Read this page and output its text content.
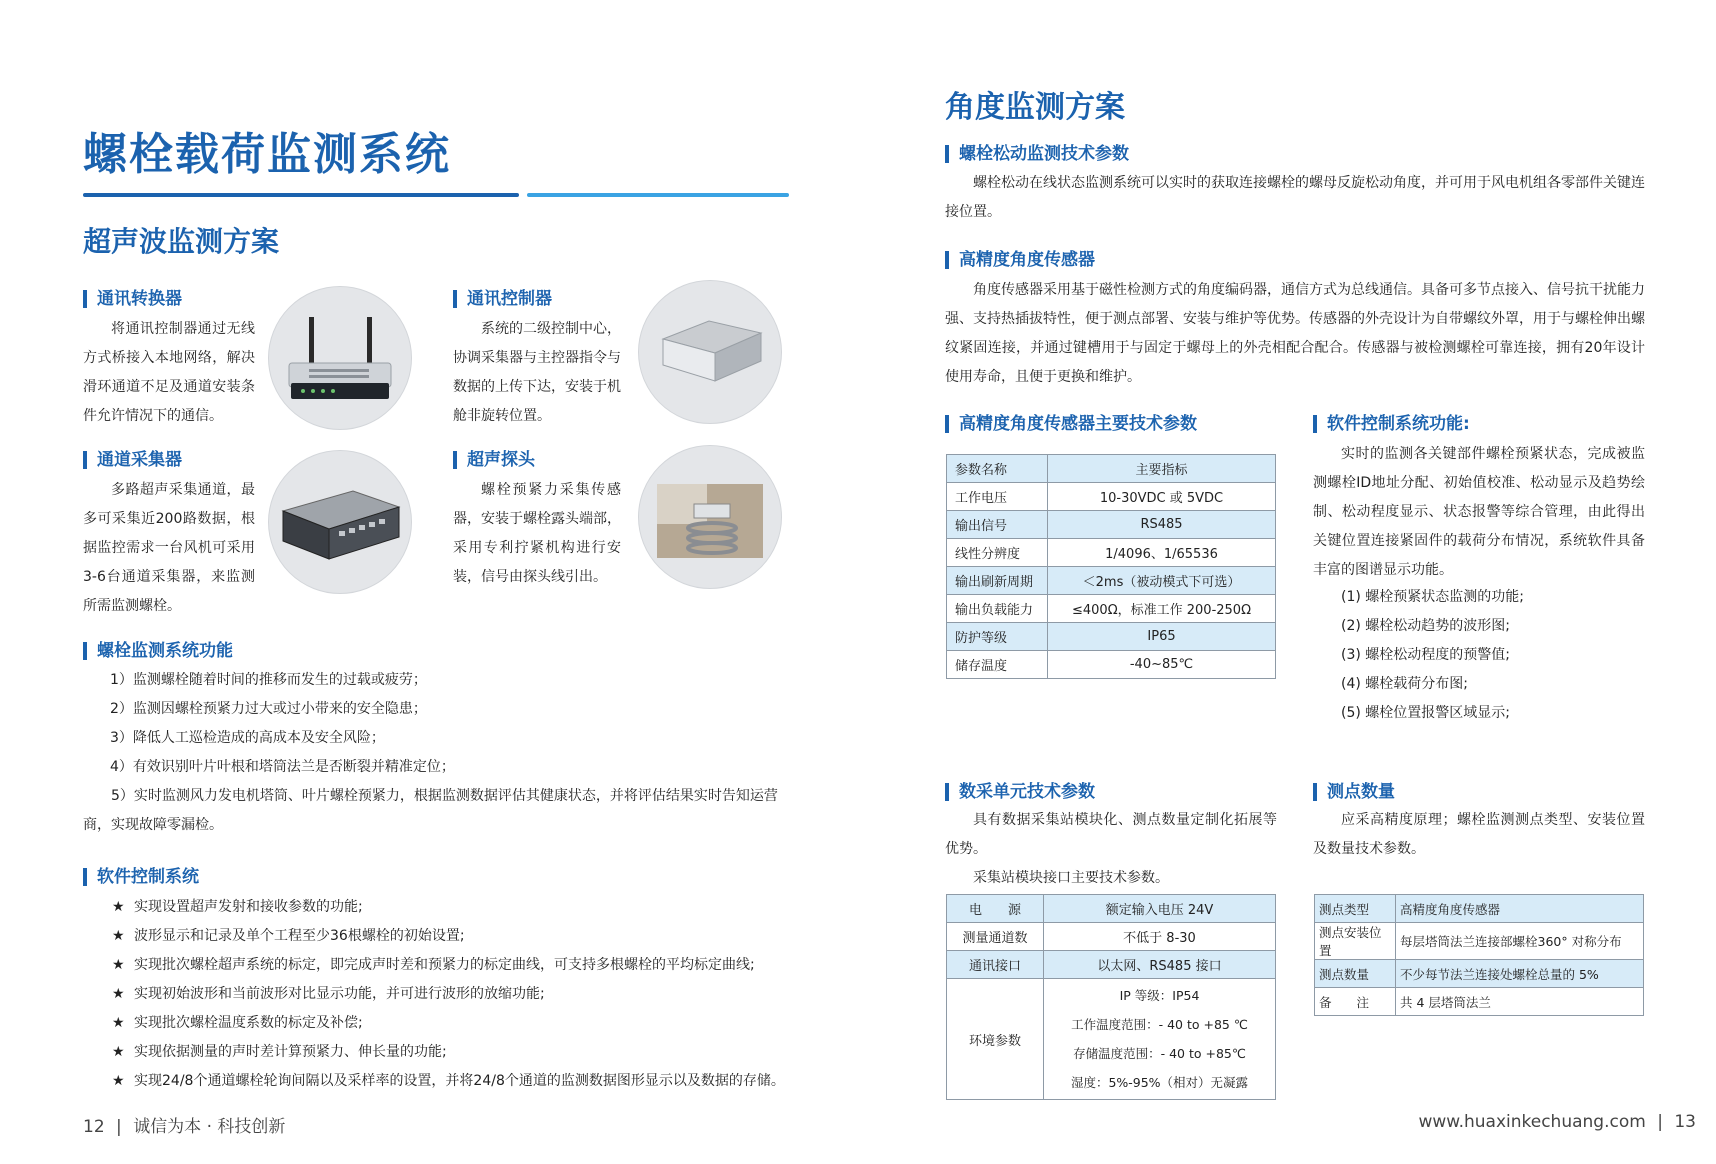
螺栓载荷监测系统
超声波监测方案
通讯转换器

将通讯控制器通过无线方式桥接入本地网络，解决滑环通道不足及通道安装条件允许情况下的通信。

通讯控制器

系统的二级控制中心，协调采集器与主控器指令与数据的上传下达，安装于机舱非旋转位置。

通道采集器

多路超声采集通道，最多可采集近200路数据，根据监控需求一台风机可采用3-6台通道采集器，来监测所需监测螺栓。

超声探头

螺栓预紧力采集传感器，安装于螺栓露头端部，采用专利拧紧机构进行安装，信号由探头线引出。

螺栓监测系统功能
1）监测螺栓随着时间的推移而发生的过载或疲劳；
2）监测因螺栓预紧力过大或过小带来的安全隐患；
3）降低人工巡检造成的高成本及安全风险；
4）有效识别叶片叶根和塔筒法兰是否断裂并精准定位；

5）实时监测风力发电机塔筒、叶片螺栓预紧力，根据监测数据评估其健康状态，并将评估结果实时告知运营商，实现故障零漏检。

软件控制系统
★ 实现设置超声发射和接收参数的功能;
★ 波形显示和记录及单个工程至少36根螺栓的初始设置;
★ 实现批次螺栓超声系统的标定，即完成声时差和预紧力的标定曲线，可支持多根螺栓的平均标定曲线;
★ 实现初始波形和当前波形对比显示功能，并可进行波形的放缩功能;
★ 实现批次螺栓温度系数的标定及补偿;
★ 实现依据测量的声时差计算预紧力、伸长量的功能;
★ 实现24/8个通道螺栓轮询间隔以及采样率的设置，并将24/8个通道的监测数据图形显示以及数据的存储。
12 | 诚信为本 · 科技创新
角度监测方案
螺栓松动监测技术参数

螺栓松动在线状态监测系统可以实时的获取连接螺栓的螺母反旋松动角度，并可用于风电机组各零部件关键连接位置。

高精度角度传感器

角度传感器采用基于磁性检测方式的角度编码器，通信方式为总线通信。具备可多节点接入、信号抗干扰能力强、支持热插拔特性，便于测点部署、安装与维护等优势。传感器的外壳设计为自带螺纹外罩，用于与螺栓伸出螺纹紧固连接，并通过键槽用于与固定于螺母上的外壳相配合配合。传感器与被检测螺栓可靠连接，拥有20年设计使用寿命，且便于更换和维护。

高精度角度传感器主要技术参数
参数名称	主要指标
工作电压	10-30VDC 或 5VDC
输出信号	RS485
线性分辨度	1/4096、1/65536
输出刷新周期	＜2ms（被动模式下可选）
输出负载能力	≤400Ω，标准工作 200-250Ω
防护等级	IP65
储存温度	-40~85℃
软件控制系统功能:

实时的监测各关键部件螺栓预紧状态，完成被监测螺栓ID地址分配、初始值校准、松动显示及趋势绘制、松动程度显示、状态报警等综合管理，由此得出关键位置连接紧固件的载荷分布情况，系统软件具备丰富的图谱显示功能。

(1) 螺栓预紧状态监测的功能;
(2) 螺栓松动趋势的波形图;
(3) 螺栓松动程度的预警值;
(4) 螺栓载荷分布图;
(5) 螺栓位置报警区域显示;
数采单元技术参数

具有数据采集站模块化、测点数量定制化拓展等优势。

采集站模块接口主要技术参数。

电　　源	额定输入电压 24V
测量通道数	不低于 8-30
通讯接口	以太网、RS485 接口
环境参数	IP 等级：IP54
工作温度范围：- 40 to +85 ℃
存储温度范围：- 40 to +85℃
湿度：5%-95%（相对）无凝露
测点数量

应采高精度原理；螺栓监测测点类型、安装位置及数量技术参数。

测点类型	高精度角度传感器
测点安装位置	每层塔筒法兰连接部螺栓360° 对称分布
测点数量	不少每节法兰连接处螺栓总量的 5%
备　　注	共 4 层塔筒法兰
www.huaxinkechuang.com | 13
